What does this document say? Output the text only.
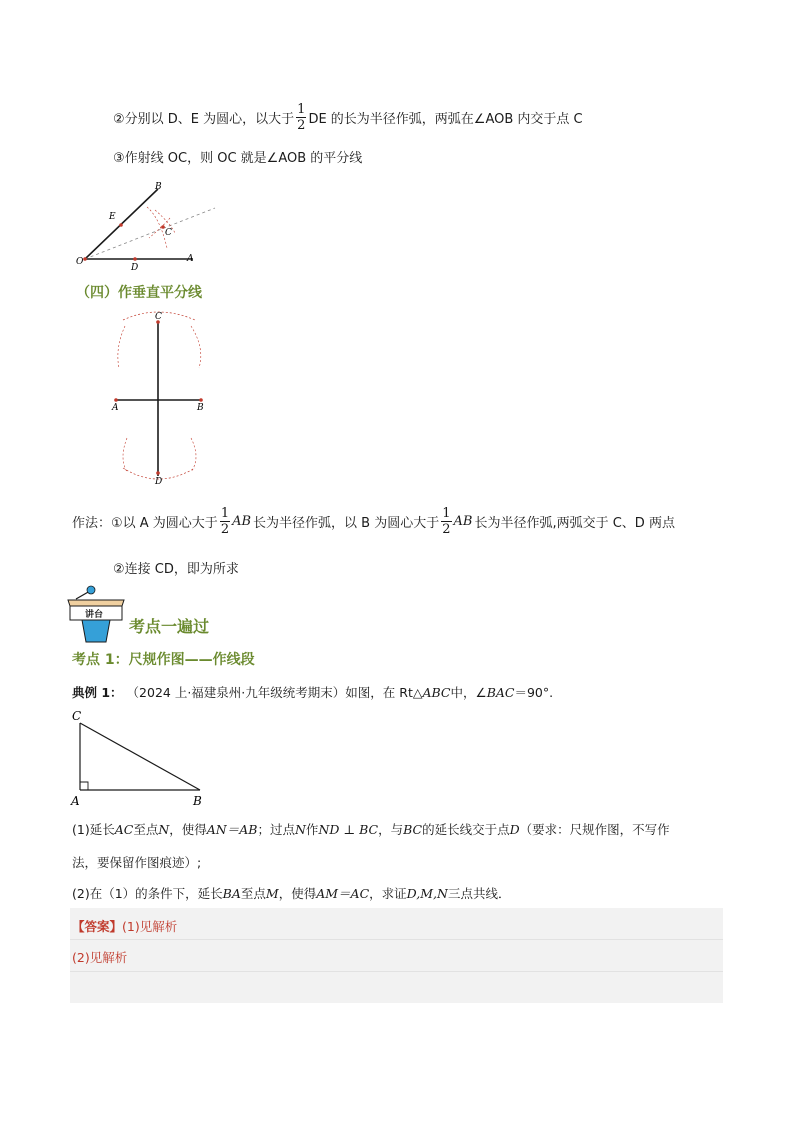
②分别以 D、E 为圆心，以大于 $\frac{1}{2}$ DE 的长为半径作弧，两弧在∠AOB 内交于点 C
③作射线 OC，则 OC 就是∠AOB 的平分线
B
E
C
O
D
A
（四）作垂直平分线
C
A	B
D
作法：①以 A 为圆心大于 $\frac{1}{2}$ AB 长为半径作弧，以 B 为圆心大于 $\frac{1}{2}$ AB 长为半径作弧,两弧交于 C、D 两点
②连接 CD，即为所求
讲台
考点一遍过
考点 1：尺规作图——作线段
典例 1： （2024 上·福建泉州·九年级统考期末）如图，在 Rt△ABC中，∠BAC＝90°.
C
A	B
(1)延长AC至点N，使得AN＝AB；过点N作ND ⊥ BC，与BC的延长线交于点D（要求：尺规作图，不写作
法，要保留作图痕迹）;
(2)在（1）的条件下，延长BA至点M，使得AM＝AC，求证D,M,N三点共线．
【答案】(1)见解析
(2)见解析
